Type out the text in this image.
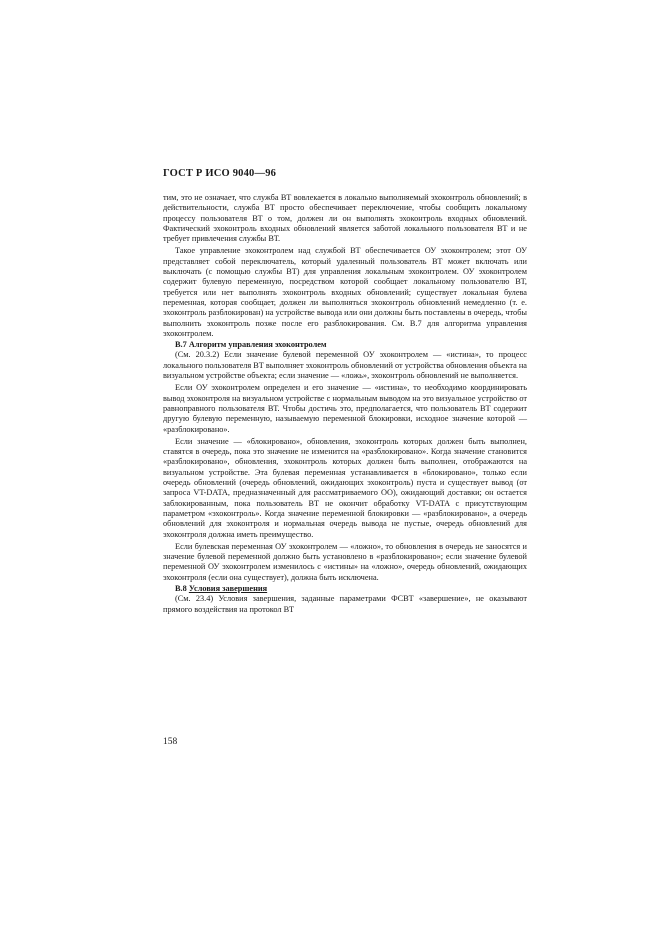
ГОСТ Р ИСО 9040—96

тим, это не означает, что служба ВТ вовлекается в локально выполняемый эхоконтроль обновлений; в действительности, служба ВТ просто обеспечивает переключение, чтобы сообщить локальному процессу пользователя ВТ о том, должен ли он выполнять эхоконтроль входных обновлений. Фактический эхоконтроль входных обновлений является заботой локального пользователя ВТ и не требует привлечения службы ВТ.

Такое управление эхоконтролем над службой ВТ обеспечивается ОУ эхоконтролем; этот ОУ представляет собой переключатель, который удаленный пользователь ВТ может включать или выключать (с помощью службы ВТ) для управления локальным эхоконтролем. ОУ эхоконтролем содержит булевую переменную, посредством которой сообщает локальному пользователю ВТ, требуется или нет выполнять эхоконтроль входных обновлений; существует локальная булева переменная, которая сообщает, должен ли выполняться эхоконтроль обновлений немедленно (т. е. эхоконтроль разблокирован) на устройстве вывода или они должны быть поставлены в очередь, чтобы выполнить эхоконтроль позже после его разблокирования. См. В.7 для алгоритма управления эхоконтролем.

В.7 Алгоритм управления эхоконтролем

(См. 20.3.2) Если значение булевой переменной ОУ эхоконтролем — «истина», то процесс локального пользователя ВТ выполняет эхоконтроль обновлений от устройства обновления объекта на визуальном устройстве объекта; если значение — «ложь», эхоконтроль обновлений не выполняется.

Если ОУ эхоконтролем определен и его значение — «истина», то необходимо координировать вывод эхоконтроля на визуальном устройстве с нормальным выводом на это визуальное устройство от равноправного пользователя ВТ. Чтобы достичь это, предполагается, что пользователь ВТ содержит другую булевую переменную, называемую переменной блокировки, исходное значение которой — «разблокировано».

Если значение — «блокировано», обновления, эхоконтроль которых должен быть выполнен, ставятся в очередь, пока это значение не изменится на «разблокировано». Когда значение становится «разблокировано», обновления, эхоконтроль которых должен быть выполнен, отображаются на визуальном устройстве. Эта булевая переменная устанавливается в «блокировано», только если очередь обновлений (очередь обновлений, ожидающих эхоконтроль) пуста и существует вывод (от запроса VT-DATA, предназначенный для рассматриваемого ОО), ожидающий доставки; он остается заблокированным, пока пользователь ВТ не окончит обработку VT-DATA с присутствующим параметром «эхоконтроль». Когда значение переменной блокировки — «разблокировано», а очередь обновлений для эхоконтроля и нормальная очередь вывода не пустые, очередь обновлений для эхоконтроля должна иметь преимущество.

Если булевская переменная ОУ эхоконтролем — «ложно», то обновления в очередь не заносятся и значение булевой переменной должно быть установлено в «разблокировано»; если значение булевой переменной ОУ эхоконтролем изменилось с «истины» на «ложно», очередь обновлений, ожидающих эхоконтроля (если она существует), должна быть исключена.

В.8 Условия завершения

(См. 23.4) Условия завершения, заданные параметрами ФСВТ «завершение», не оказывают прямого воздействия на протокол ВТ

158
